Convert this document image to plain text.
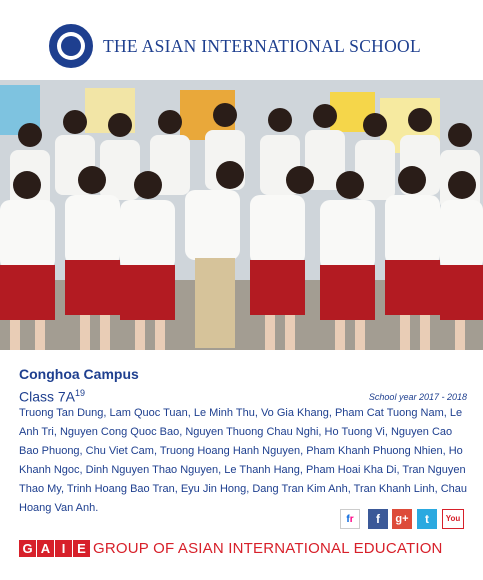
THE ASIAN INTERNATIONAL SCHOOL
Conghoa Campus
Class $7A^{19}$	School year 2017 - 2018
Truong Tan Dung, Lam Quoc Tuan, Le Minh Thu, Vo Gia Khang, Pham Cat Tuong Nam, Le Anh Tri, Nguyen Cong Quoc Bao, Nguyen Thuong Chau Nghi, Ho Tuong Vi, Nguyen Cao Bao Phuong, Chu Viet Cam, Truong Hoang Hanh Nguyen, Pham Khanh Phuong Nhien, Ho Khanh Ngoc, Dinh Nguyen Thao Nguyen, Le Thanh Hang, Pham Hoai Kha Di, Tran Nguyen Thao My, Trinh Hoang Bao Tran, Eyu Jin Hong, Dang Tran Kim Anh, Tran Khanh Linh, Chau Hoang Van Anh.
fr	f	g+	t	You
G A I E GROUP OF ASIAN INTERNATIONAL EDUCATION
